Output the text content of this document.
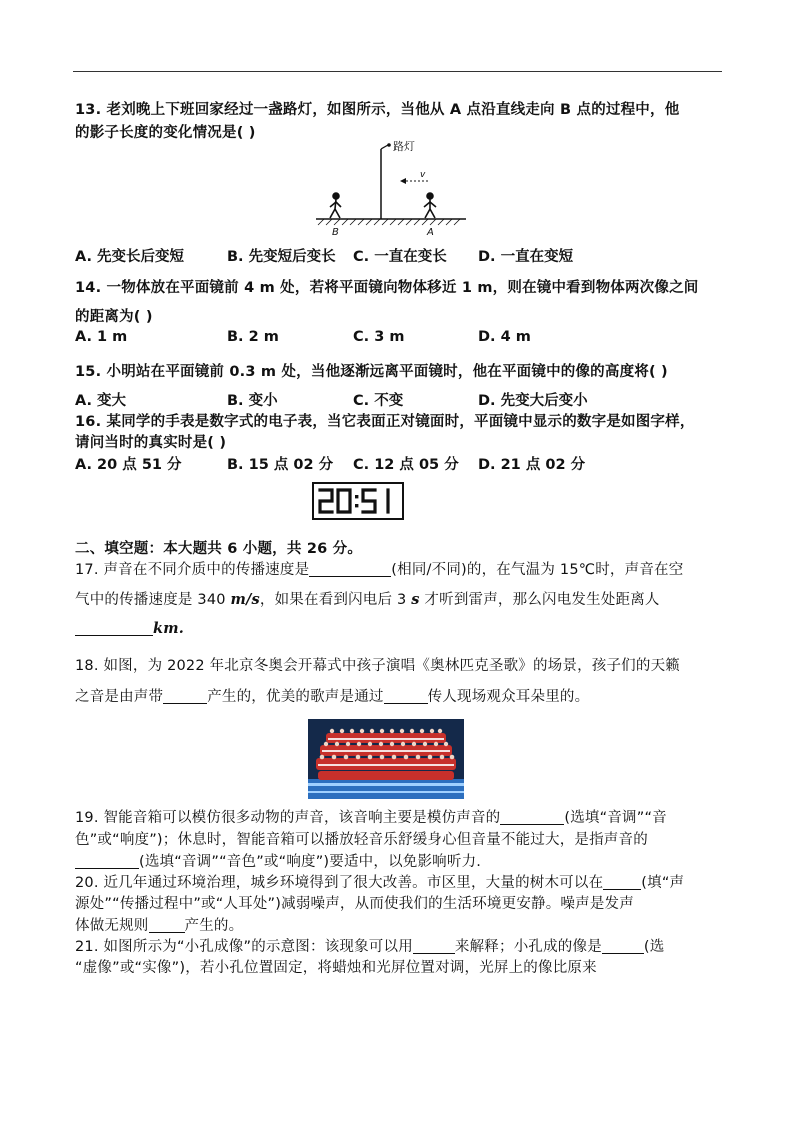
13. 老刘晚上下班回家经过一盏路灯，如图所示，当他从 A 点沿直线走向 B 点的过程中，他
的影子长度的变化情况是( )
路灯
v
B	A
A. 先变长后变短	B. 先变短后变长 C. 一直在变长 D. 一直在变短
14. 一物体放在平面镜前 4 m 处，若将平面镜向物体移近 1 m，则在镜中看到物体两次像之间
的距离为( )
A. 1 m	B. 2 m	C. 3 m	D. 4 m
15. 小明站在平面镜前 0.3 m 处，当他逐渐远离平面镜时，他在平面镜中的像的高度将( )
A. 变大	B. 变小	C. 不变	D. 先变大后变小
16. 某同学的手表是数字式的电子表，当它表面正对镜面时，平面镜中显示的数字是如图字样，
请问当时的真实时是( )
A. 20 点 51 分	B. 15 点 02 分 C. 12 点 05 分 D. 21 点 02 分
二、填空题：本大题共 6 小题，共 26 分。
17. 声音在不同介质中的传播速度是	(相同/不同)的，在气温为 15℃时，声音在空
气中的传播速度是 340 m/s，如果在看到闪电后 3 s 才听到雷声，那么闪电发生处距离人
km.
18. 如图，为 2022 年北京冬奥会开幕式中孩子演唱《奥林匹克圣歌》的场景，孩子们的天籁
之音是由声带	产生的，优美的歌声是通过	传人现场观众耳朵里的。
19. 智能音箱可以模仿很多动物的声音，该音响主要是模仿声音的	(选填“音调”“音
色”或“响度”)；休息时，智能音箱可以播放轻音乐舒缓身心但音量不能过大，是指声音的
(选填“音调”“音色”或“响度”)要适中，以免影响听力.
20. 近几年通过环境治理，城乡环境得到了很大改善。市区里，大量的树木可以在	(填“声
源处”“传播过程中”或“人耳处”)减弱噪声，从而使我们的生活环境更安静。噪声是发声
体做无规则 产生的。
21. 如图所示为“小孔成像”的示意图：该现象可以用	来解释；小孔成的像是	(选
“虚像”或“实像”)，若小孔位置固定，将蜡烛和光屏位置对调，光屏上的像比原来
